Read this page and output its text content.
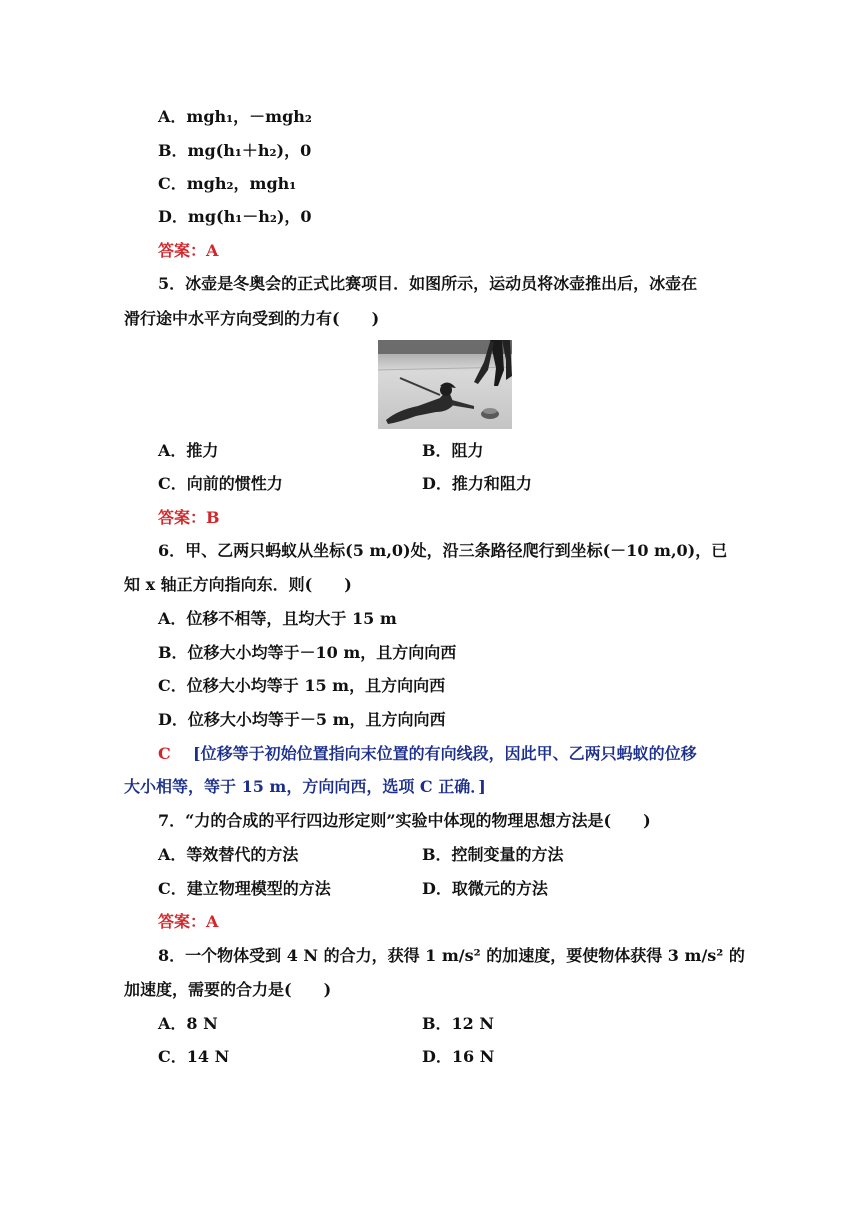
A．mgh₁，－mgh₂
B．mg(h₁＋h₂)，0
C．mgh₂，mgh₁
D．mg(h₁－h₂)，0
答案：A
5．冰壶是冬奥会的正式比赛项目．如图所示，运动员将冰壶推出后，冰壶在
滑行途中水平方向受到的力有(　　)
A．推力	B．阻力
C．向前的惯性力	D．推力和阻力
答案：B
6．甲、乙两只蚂蚁从坐标(5 m,0)处，沿三条路径爬行到坐标(－10 m,0)，已
知 x 轴正方向指向东．则(　　)
A．位移不相等，且均大于 15 m
B．位移大小均等于－10 m，且方向向西
C．位移大小均等于 15 m，且方向向西
D．位移大小均等于－5 m，且方向向西
C [位移等于初始位置指向末位置的有向线段，因此甲、乙两只蚂蚁的位移
大小相等，等于 15 m，方向向西，选项 C 正确．]
7．“力的合成的平行四边形定则”实验中体现的物理思想方法是(　　)
A．等效替代的方法	B．控制变量的方法
C．建立物理模型的方法	D．取微元的方法
答案：A
8．一个物体受到 4 N 的合力，获得 1 m/s² 的加速度，要使物体获得 3 m/s² 的
加速度，需要的合力是(　　)
A．8 N	B．12 N
C．14 N	D．16 N
